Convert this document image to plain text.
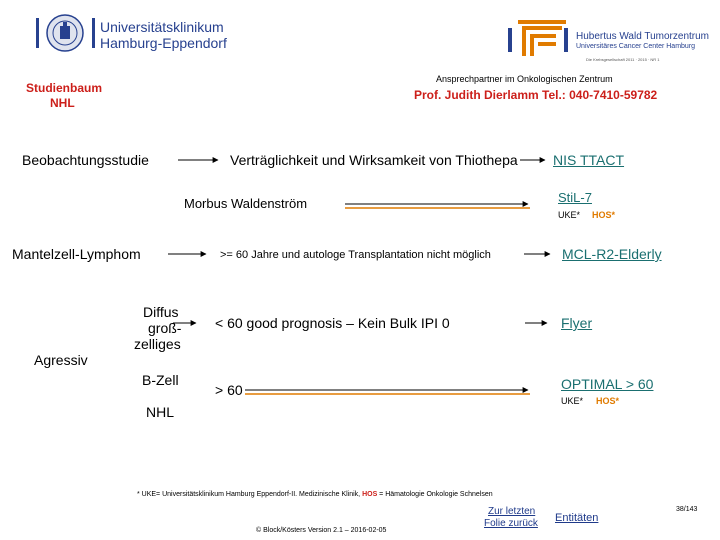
Universitätsklinikum
Hamburg-Eppendorf	Hubertus Wald Tumorzentrum
Universitäres Cancer Center Hamburg
Die Krebsgesellschaft 2011 · 2015 · NR 1
Studienbaum
NHL
Ansprechpartner im Onkologischen Zentrum
Prof. Judith Dierlamm Tel.: 040-7410-59782
Beobachtungsstudie	Verträglichkeit und Wirksamkeit von Thiothepa	NIS TTACT
Morbus Waldenström	StiL-7
UKE* HOS*
Mantelzell-Lymphom	>= 60 Jahre und autologe Transplantation nicht möglich	MCL-R2-Elderly
Diffus
groß-
zelliges
Agressiv
B-Zell
NHL
< 60 good prognosis – Kein Bulk IPI 0	Flyer
> 60	OPTIMAL > 60
UKE* HOS*
* UKE= Universitätsklinikum Hamburg Eppendorf-II. Medizinische Klinik, HOS = Hämatologie Onkologie Schnelsen
© Block/Kösters Version 2.1 – 2016-02-05
Zur letzten
Folie zurück Entitäten
38/143
